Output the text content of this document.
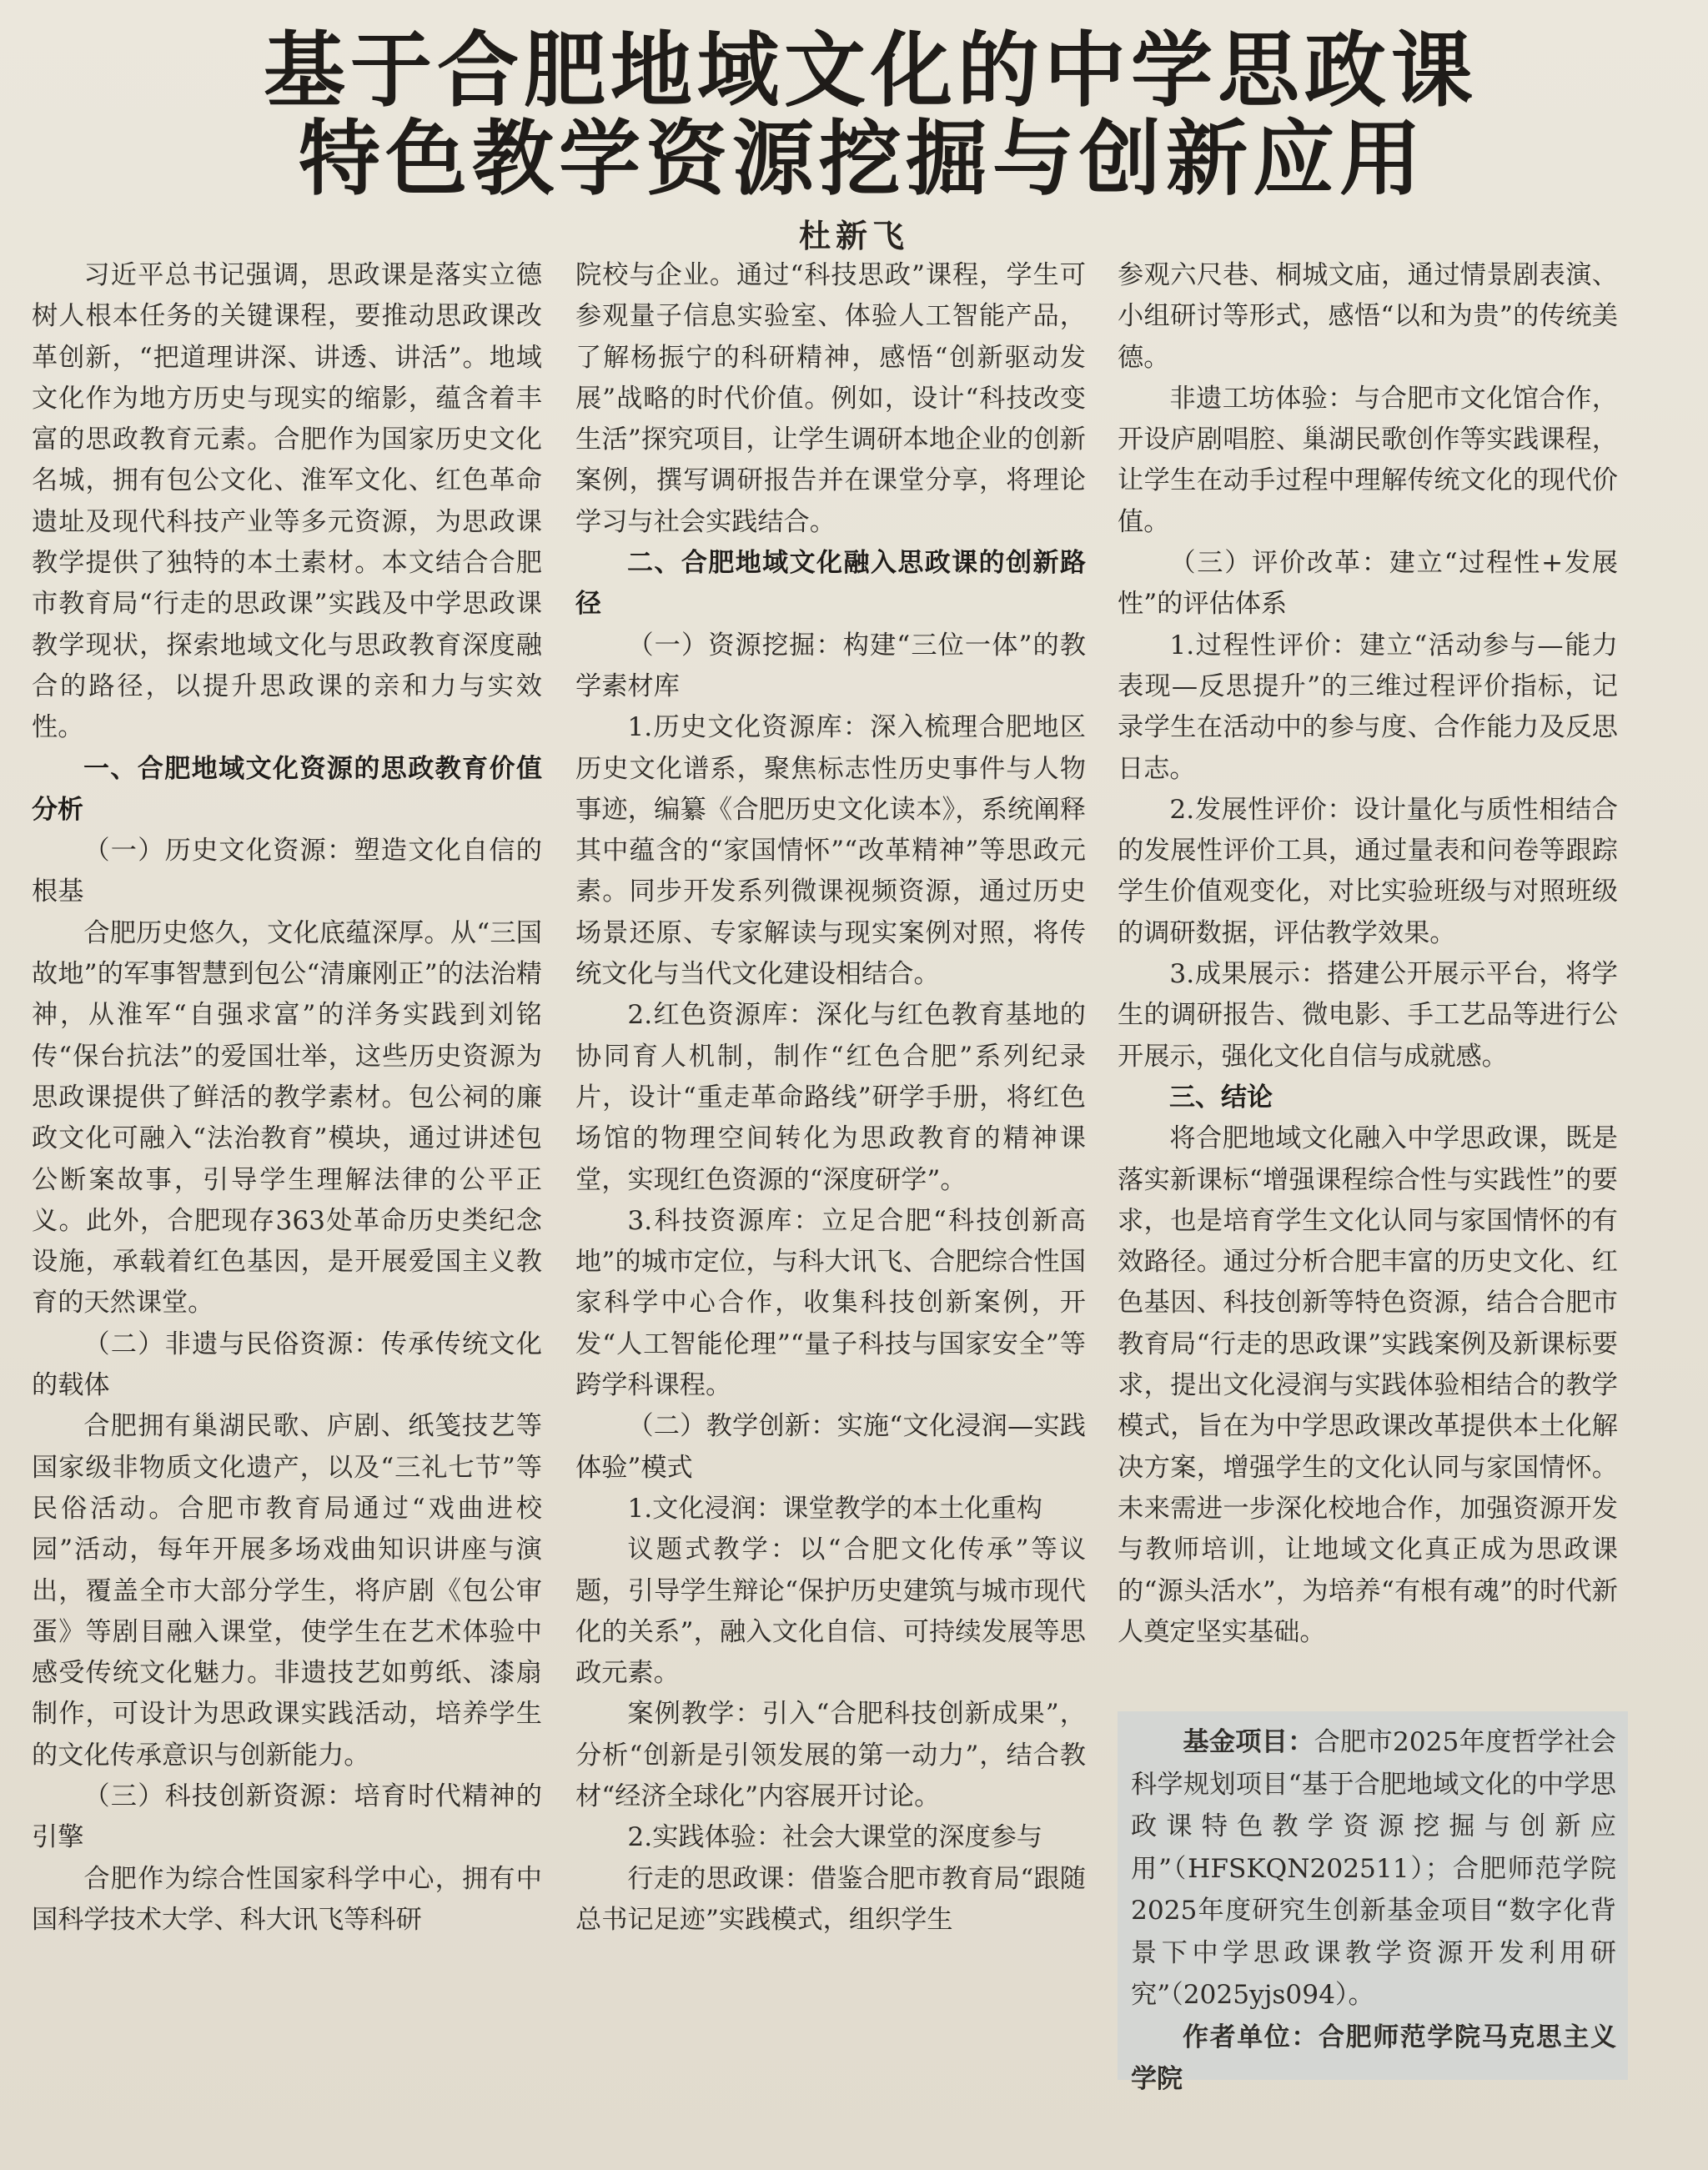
基于合肥地域文化的中学思政课
特色教学资源挖掘与创新应用

杜新飞

习近平总书记强调，思政课是落实立德树人根本任务的关键课程，要推动思政课改革创新，“把道理讲深、讲透、讲活”。地域文化作为地方历史与现实的缩影，蕴含着丰富的思政教育元素。合肥作为国家历史文化名城，拥有包公文化、淮军文化、红色革命遗址及现代科技产业等多元资源，为思政课教学提供了独特的本土素材。本文结合合肥市教育局“行走的思政课”实践及中学思政课教学现状，探索地域文化与思政教育深度融合的路径，以提升思政课的亲和力与实效性。

一、合肥地域文化资源的思政教育价值分析
（一）历史文化资源：塑造文化自信的根基

合肥历史悠久，文化底蕴深厚。从“三国故地”的军事智慧到包公“清廉刚正”的法治精神，从淮军“自强求富”的洋务实践到刘铭传“保台抗法”的爱国壮举，这些历史资源为思政课提供了鲜活的教学素材。包公祠的廉政文化可融入“法治教育”模块，通过讲述包公断案故事，引导学生理解法律的公平正义。此外，合肥现存363处革命历史类纪念设施，承载着红色基因，是开展爱国主义教育的天然课堂。

（二）非遗与民俗资源：传承传统文化的载体

合肥拥有巢湖民歌、庐剧、纸笺技艺等国家级非物质文化遗产，以及“三礼七节”等民俗活动。合肥市教育局通过“戏曲进校园”活动，每年开展多场戏曲知识讲座与演出，覆盖全市大部分学生，将庐剧《包公审蛋》等剧目融入课堂，使学生在艺术体验中感受传统文化魅力。非遗技艺如剪纸、漆扇制作，可设计为思政课实践活动，培养学生的文化传承意识与创新能力。

（三）科技创新资源：培育时代精神的引擎

合肥作为综合性国家科学中心，拥有中国科学技术大学、科大讯飞等科研

院校与企业。通过“科技思政”课程，学生可参观量子信息实验室、体验人工智能产品，了解杨振宁的科研精神，感悟“创新驱动发展”战略的时代价值。例如，设计“科技改变生活”探究项目，让学生调研本地企业的创新案例，撰写调研报告并在课堂分享，将理论学习与社会实践结合。

二、合肥地域文化融入思政课的创新路径
（一）资源挖掘：构建“三位一体”的教学素材库

1.历史文化资源库：深入梳理合肥地区历史文化谱系，聚焦标志性历史事件与人物事迹，编纂《合肥历史文化读本》，系统阐释其中蕴含的“家国情怀”“改革精神”等思政元素。同步开发系列微课视频资源，通过历史场景还原、专家解读与现实案例对照，将传统文化与当代文化建设相结合。

2.红色资源库：深化与红色教育基地的协同育人机制，制作“红色合肥”系列纪录片，设计“重走革命路线”研学手册，将红色场馆的物理空间转化为思政教育的精神课堂，实现红色资源的“深度研学”。

3.科技资源库：立足合肥“科技创新高地”的城市定位，与科大讯飞、合肥综合性国家科学中心合作，收集科技创新案例，开发“人工智能伦理”“量子科技与国家安全”等跨学科课程。

（二）教学创新：实施“文化浸润—实践体验”模式

1.文化浸润：课堂教学的本土化重构

议题式教学：以“合肥文化传承”等议题，引导学生辩论“保护历史建筑与城市现代化的关系”，融入文化自信、可持续发展等思政元素。

案例教学：引入“合肥科技创新成果”，分析“创新是引领发展的第一动力”，结合教材“经济全球化”内容展开讨论。

2.实践体验：社会大课堂的深度参与

行走的思政课：借鉴合肥市教育局“跟随总书记足迹”实践模式，组织学生

参观六尺巷、桐城文庙，通过情景剧表演、小组研讨等形式，感悟“以和为贵”的传统美德。

非遗工坊体验：与合肥市文化馆合作，开设庐剧唱腔、巢湖民歌创作等实践课程，让学生在动手过程中理解传统文化的现代价值。

（三）评价改革：建立“过程性+发展性”的评估体系

1.过程性评价：建立“活动参与—能力表现—反思提升”的三维过程评价指标，记录学生在活动中的参与度、合作能力及反思日志。

2.发展性评价：设计量化与质性相结合的发展性评价工具，通过量表和问卷等跟踪学生价值观变化，对比实验班级与对照班级的调研数据，评估教学效果。

3.成果展示：搭建公开展示平台，将学生的调研报告、微电影、手工艺品等进行公开展示，强化文化自信与成就感。

三、结论

将合肥地域文化融入中学思政课，既是落实新课标“增强课程综合性与实践性”的要求，也是培育学生文化认同与家国情怀的有效路径。通过分析合肥丰富的历史文化、红色基因、科技创新等特色资源，结合合肥市教育局“行走的思政课”实践案例及新课标要求，提出文化浸润与实践体验相结合的教学模式，旨在为中学思政课改革提供本土化解决方案，增强学生的文化认同与家国情怀。未来需进一步深化校地合作，加强资源开发与教师培训，让地域文化真正成为思政课的“源头活水”，为培养“有根有魂”的时代新人奠定坚实基础。

基金项目：合肥市2025年度哲学社会科学规划项目“基于合肥地域文化的中学思政课特色教学资源挖掘与创新应用”（HFSKQN202511）；合肥师范学院2025年度研究生创新基金项目“数字化背景下中学思政课教学资源开发利用研究”（2025yjs094）。

作者单位：合肥师范学院马克思主义学院
